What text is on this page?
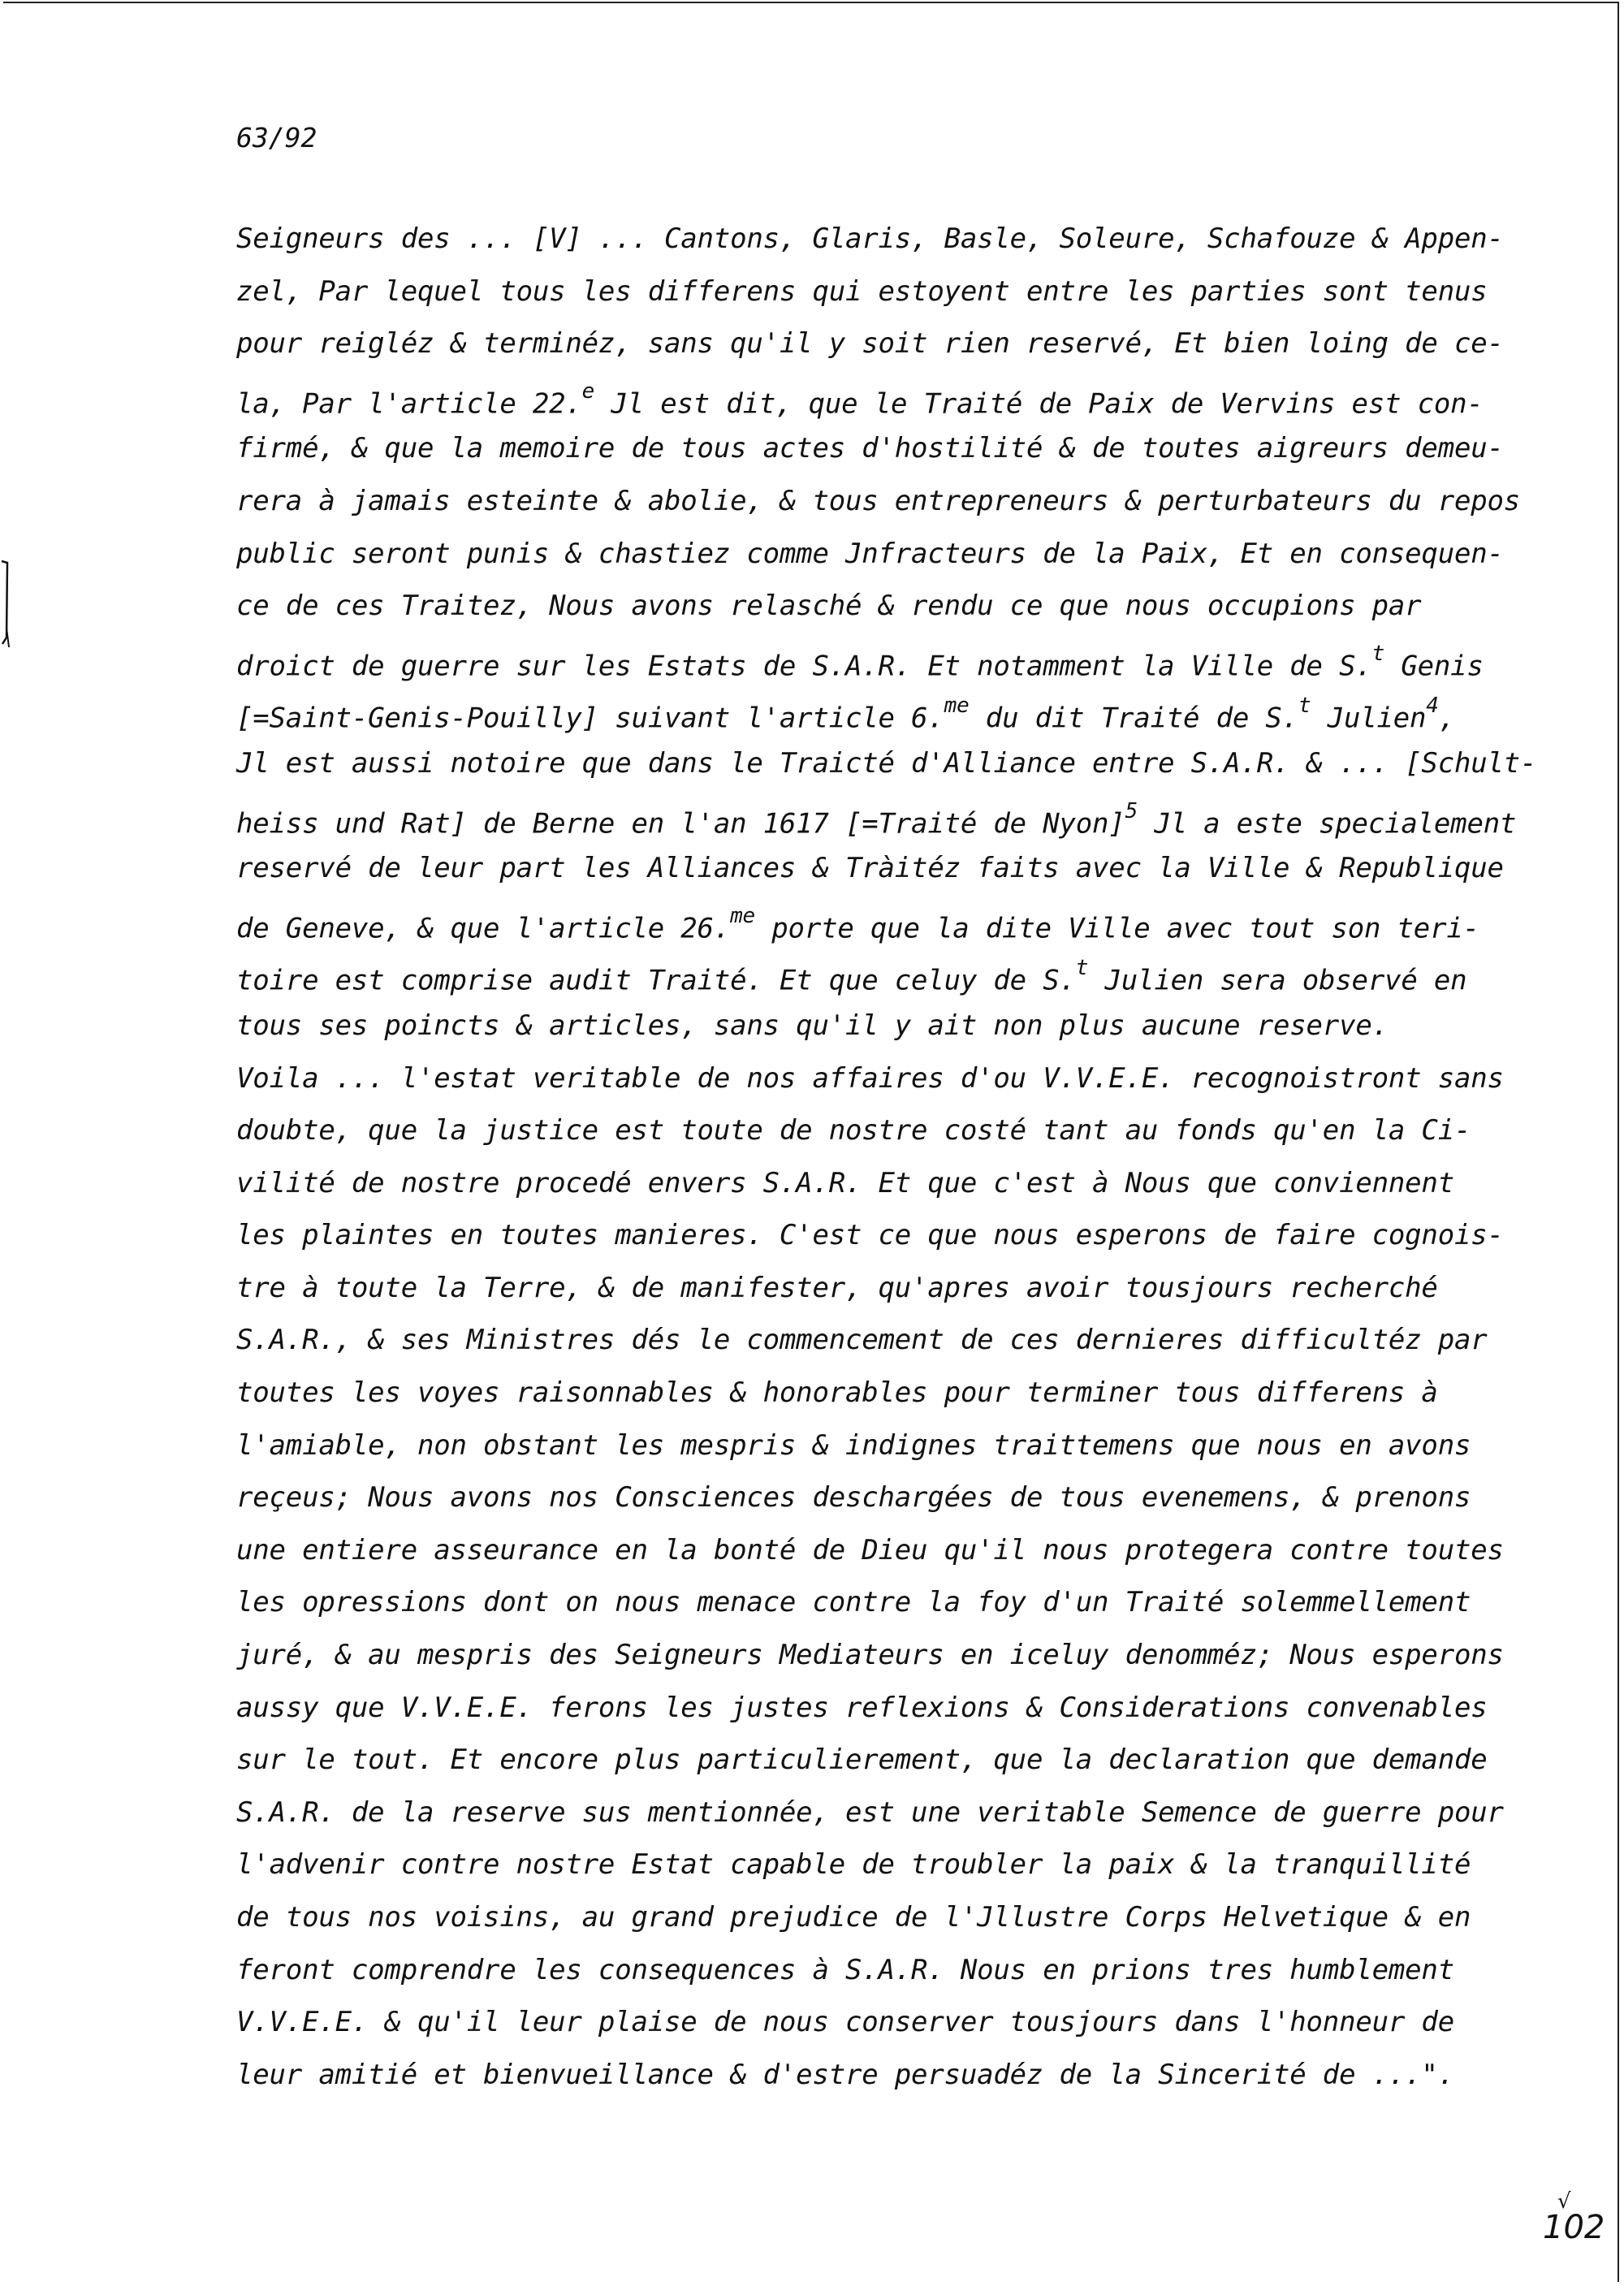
63/92
Seigneurs des ... [V] ... Cantons, Glaris, Basle, Soleure, Schafouze & Appen-
zel, Par lequel tous les differens qui estoyent entre les parties sont tenus
pour reigléz & terminéz, sans qu'il y soit rien reservé, Et bien loing de ce-
la, Par l'article 22.$^e$ Jl est dit, que le Traité de Paix de Vervins est con-
firmé, & que la memoire de tous actes d'hostilité & de toutes aigreurs demeu-
rera à jamais esteinte & abolie, & tous entrepreneurs & perturbateurs du repos
public seront punis & chastiez comme Jnfracteurs de la Paix, Et en consequen-
ce de ces Traitez, Nous avons relasché & rendu ce que nous occupions par
droict de guerre sur les Estats de S.A.R. Et notamment la Ville de S.$^t$ Genis
[=Saint-Genis-Pouilly] suivant l'article 6.$^{me}$ du dit Traité de S.$^t$ Julien$^4$,
Jl est aussi notoire que dans le Traicté d'Alliance entre S.A.R. & ... [Schult-
heiss und Rat] de Berne en l'an 1617 [=Traité de Nyon]$^5$ Jl a este specialement
reservé de leur part les Alliances & Tràitéz faits avec la Ville & Republique
de Geneve, & que l'article 26.$^{me}$ porte que la dite Ville avec tout son teri-
toire est comprise audit Traité. Et que celuy de S.$^t$ Julien sera observé en
tous ses poincts & articles, sans qu'il y ait non plus aucune reserve.
Voila ... l'estat veritable de nos affaires d'ou V.V.E.E. recognoistront sans
doubte, que la justice est toute de nostre costé tant au fonds qu'en la Ci-
vilité de nostre procedé envers S.A.R. Et que c'est à Nous que conviennent
les plaintes en toutes manieres. C'est ce que nous esperons de faire cognois-
tre à toute la Terre, & de manifester, qu'apres avoir tousjours recherché
S.A.R., & ses Ministres dés le commencement de ces dernieres difficultéz par
toutes les voyes raisonnables & honorables pour terminer tous differens à
l'amiable, non obstant les mespris & indignes traittemens que nous en avons
reçeus; Nous avons nos Consciences deschargées de tous evenemens, & prenons
une entiere asseurance en la bonté de Dieu qu'il nous protegera contre toutes
les opressions dont on nous menace contre la foy d'un Traité solemmellement
juré, & au mespris des Seigneurs Mediateurs en iceluy denomméz; Nous esperons
aussy que V.V.E.E. ferons les justes reflexions & Considerations convenables
sur le tout. Et encore plus particulierement, que la declaration que demande
S.A.R. de la reserve sus mentionnée, est une veritable Semence de guerre pour
l'advenir contre nostre Estat capable de troubler la paix & la tranquillité
de tous nos voisins, au grand prejudice de l'Jllustre Corps Helvetique & en
feront comprendre les consequences à S.A.R. Nous en prions tres humblement
V.V.E.E. & qu'il leur plaise de nous conserver tousjours dans l'honneur de
leur amitié et bienvueillance & d'estre persuadéz de la Sincerité de ...".
√
102
